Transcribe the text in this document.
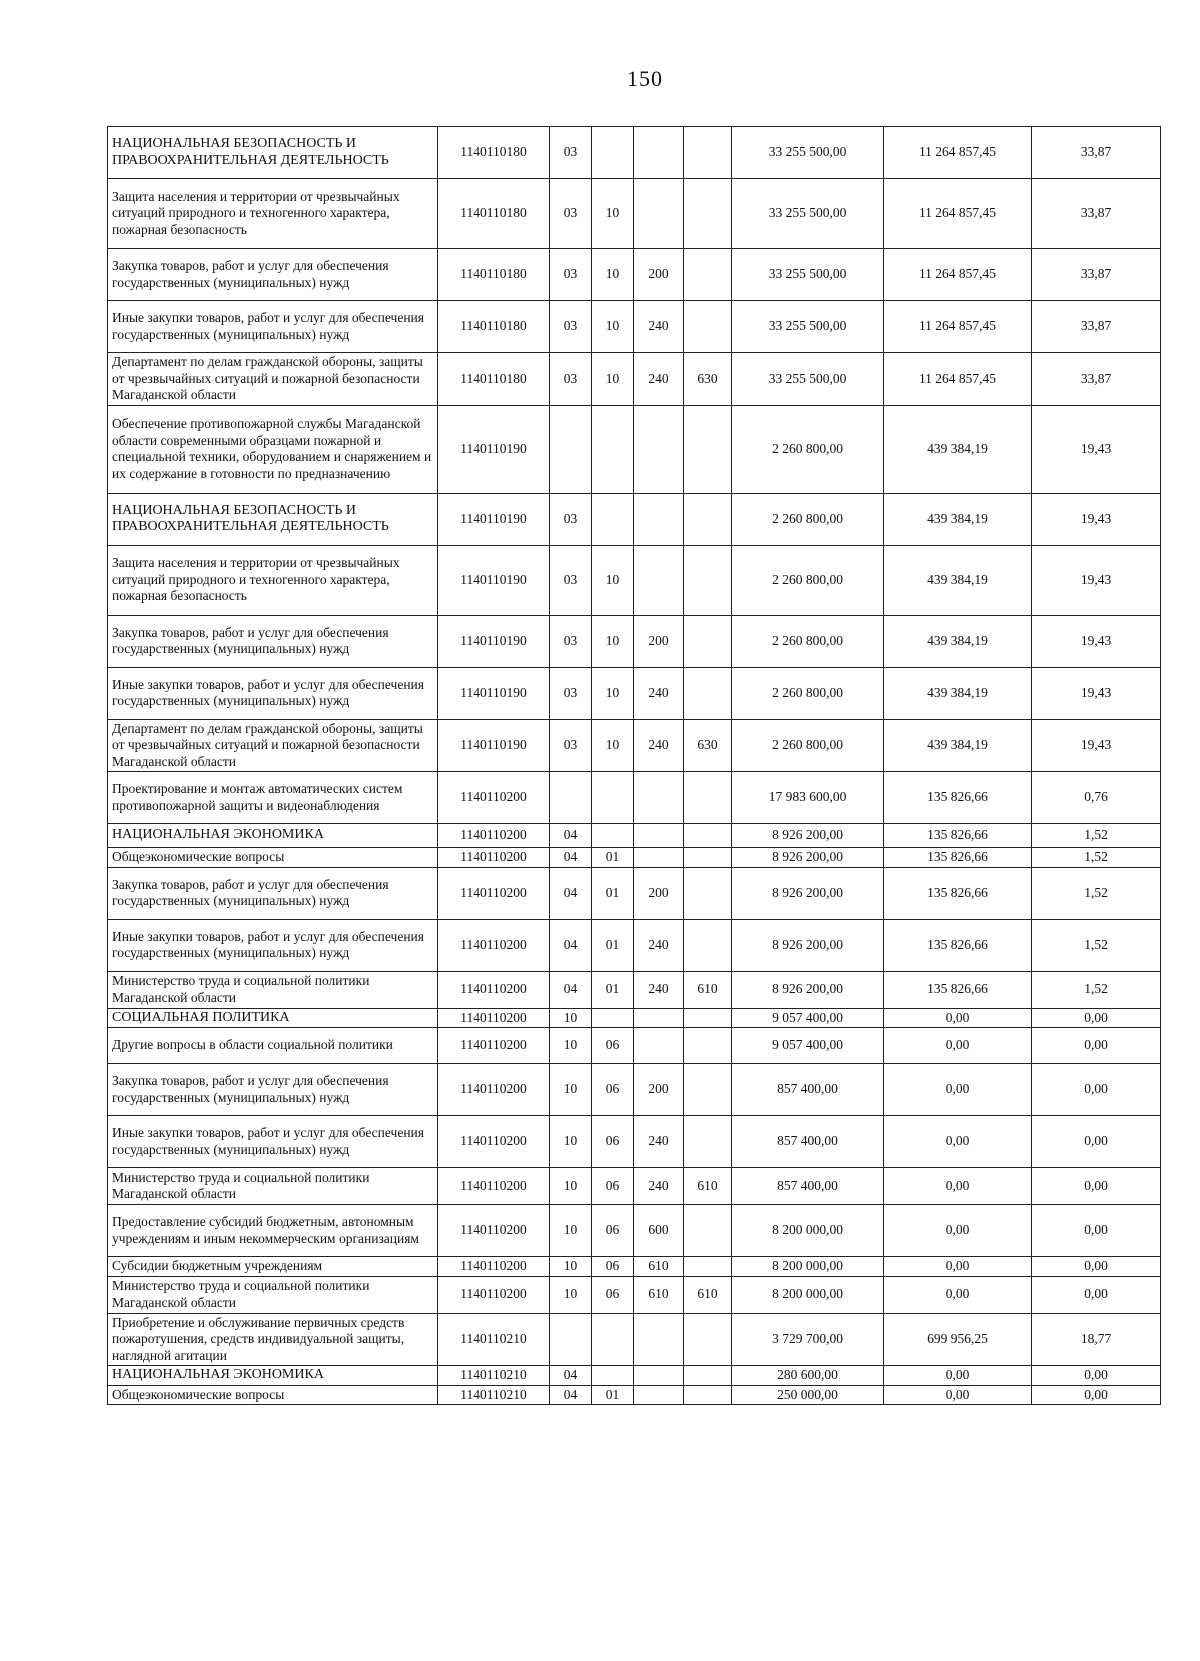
150
НАЦИОНАЛЬНАЯ БЕЗОПАСНОСТЬ И ПРАВООХРАНИТЕЛЬНАЯ ДЕЯТЕЛЬНОСТЬ	1140110180	03				33 255 500,00	11 264 857,45	33,87
Защита населения и территории от чрезвычайных ситуаций природного и техногенного характера, пожарная безопасность	1140110180	03	10			33 255 500,00	11 264 857,45	33,87
Закупка товаров, работ и услуг для обеспечения государственных (муниципальных) нужд	1140110180	03	10	200		33 255 500,00	11 264 857,45	33,87
Иные закупки товаров, работ и услуг для обеспечения государственных (муниципальных) нужд	1140110180	03	10	240		33 255 500,00	11 264 857,45	33,87
Департамент по делам гражданской обороны, защиты от чрезвычайных ситуаций и пожарной безопасности Магаданской области	1140110180	03	10	240	630	33 255 500,00	11 264 857,45	33,87
Обеспечение противопожарной службы Магаданской области современными образцами пожарной и специальной техники, оборудованием и снаряжением и их содержание в готовности по предназначению	1140110190					2 260 800,00	439 384,19	19,43
НАЦИОНАЛЬНАЯ БЕЗОПАСНОСТЬ И ПРАВООХРАНИТЕЛЬНАЯ ДЕЯТЕЛЬНОСТЬ	1140110190	03				2 260 800,00	439 384,19	19,43
Защита населения и территории от чрезвычайных ситуаций природного и техногенного характера, пожарная безопасность	1140110190	03	10			2 260 800,00	439 384,19	19,43
Закупка товаров, работ и услуг для обеспечения государственных (муниципальных) нужд	1140110190	03	10	200		2 260 800,00	439 384,19	19,43
Иные закупки товаров, работ и услуг для обеспечения государственных (муниципальных) нужд	1140110190	03	10	240		2 260 800,00	439 384,19	19,43
Департамент по делам гражданской обороны, защиты от чрезвычайных ситуаций и пожарной безопасности Магаданской области	1140110190	03	10	240	630	2 260 800,00	439 384,19	19,43
Проектирование и монтаж автоматических систем противопожарной защиты и видеонаблюдения	1140110200					17 983 600,00	135 826,66	0,76
НАЦИОНАЛЬНАЯ ЭКОНОМИКА	1140110200	04				8 926 200,00	135 826,66	1,52
Общеэкономические вопросы	1140110200	04	01			8 926 200,00	135 826,66	1,52
Закупка товаров, работ и услуг для обеспечения государственных (муниципальных) нужд	1140110200	04	01	200		8 926 200,00	135 826,66	1,52
Иные закупки товаров, работ и услуг для обеспечения государственных (муниципальных) нужд	1140110200	04	01	240		8 926 200,00	135 826,66	1,52
Министерство труда и социальной политики Магаданской области	1140110200	04	01	240	610	8 926 200,00	135 826,66	1,52
СОЦИАЛЬНАЯ ПОЛИТИКА	1140110200	10				9 057 400,00	0,00	0,00
Другие вопросы в области социальной политики	1140110200	10	06			9 057 400,00	0,00	0,00
Закупка товаров, работ и услуг для обеспечения государственных (муниципальных) нужд	1140110200	10	06	200		857 400,00	0,00	0,00
Иные закупки товаров, работ и услуг для обеспечения государственных (муниципальных) нужд	1140110200	10	06	240		857 400,00	0,00	0,00
Министерство труда и социальной политики Магаданской области	1140110200	10	06	240	610	857 400,00	0,00	0,00
Предоставление субсидий бюджетным, автономным учреждениям и иным некоммерческим организациям	1140110200	10	06	600		8 200 000,00	0,00	0,00
Субсидии бюджетным учреждениям	1140110200	10	06	610		8 200 000,00	0,00	0,00
Министерство труда и социальной политики Магаданской области	1140110200	10	06	610	610	8 200 000,00	0,00	0,00
Приобретение и обслуживание первичных средств пожаротушения, средств индивидуальной защиты, наглядной агитации	1140110210					3 729 700,00	699 956,25	18,77
НАЦИОНАЛЬНАЯ ЭКОНОМИКА	1140110210	04				280 600,00	0,00	0,00
Общеэкономические вопросы	1140110210	04	01			250 000,00	0,00	0,00
